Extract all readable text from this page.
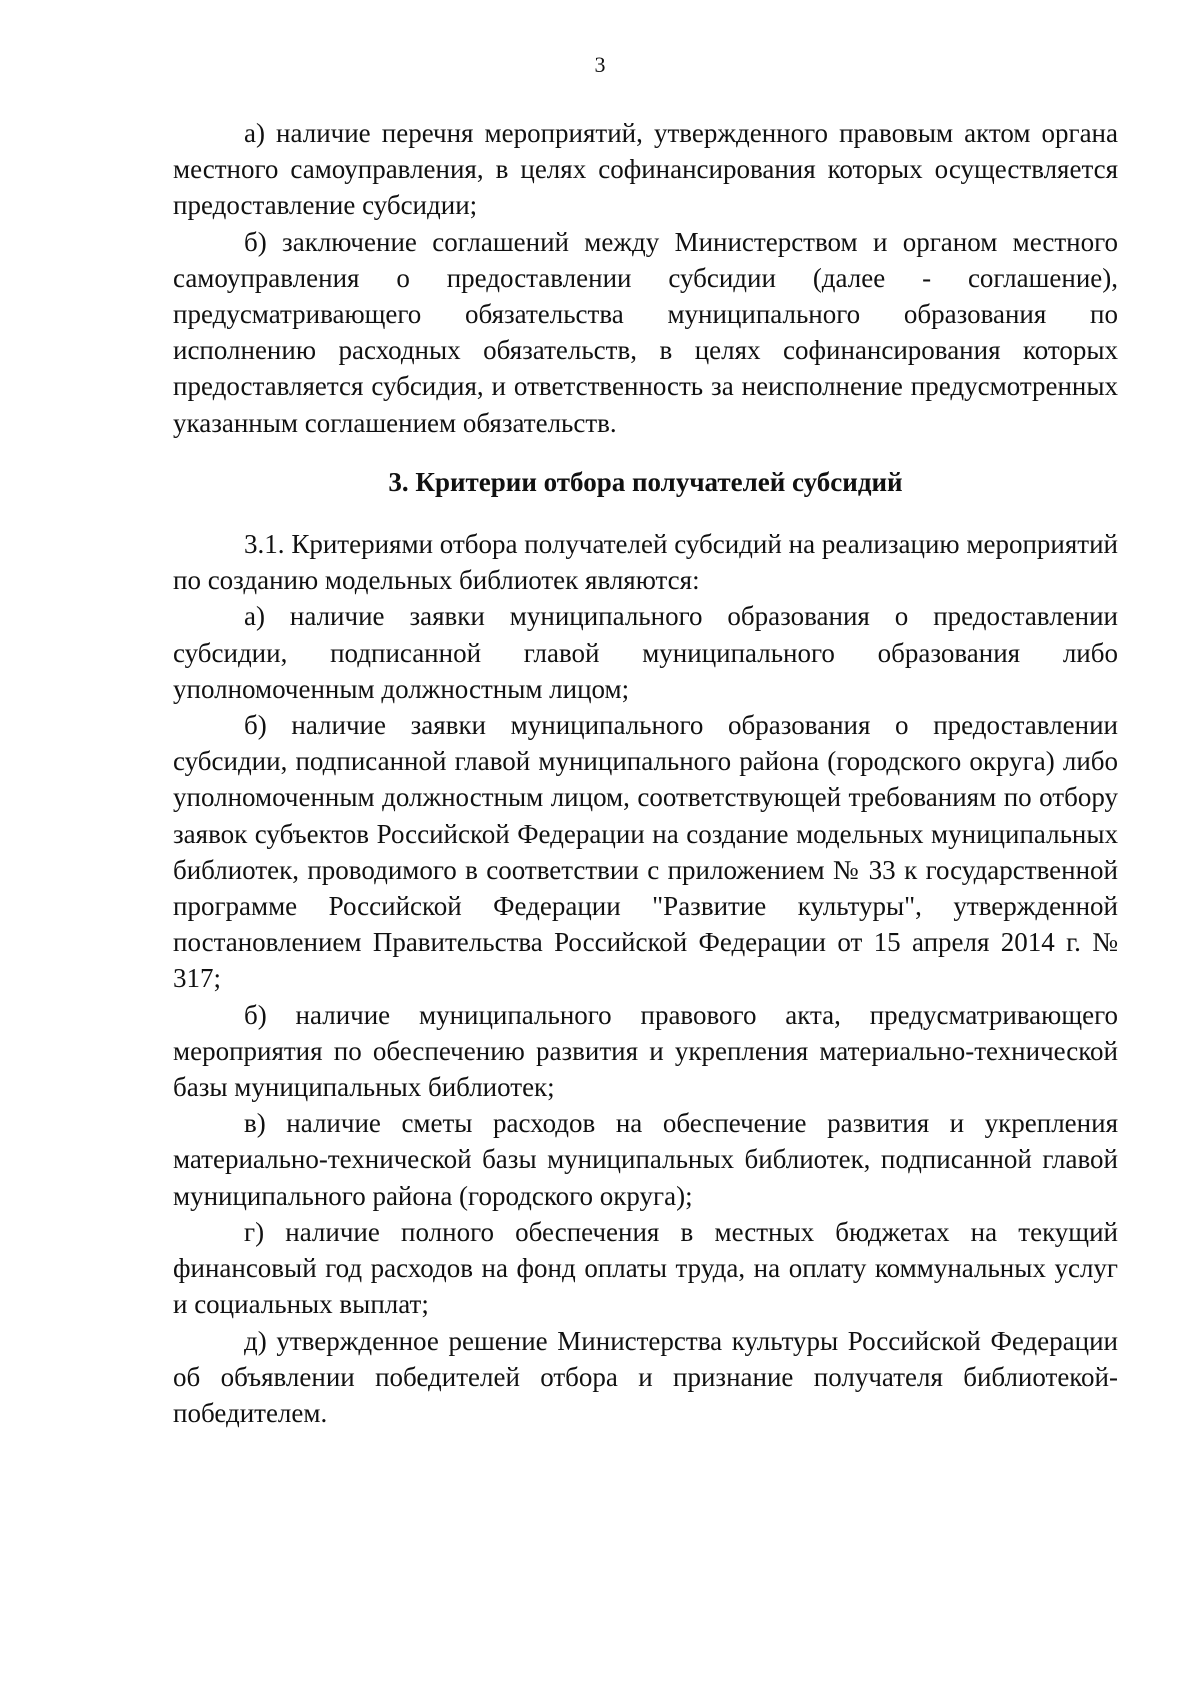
3

а) наличие перечня мероприятий, утвержденного правовым актом органа местного самоуправления, в целях софинансирования которых осуществляется предоставление субсидии;

б) заключение соглашений между Министерством и органом местного самоуправления о предоставлении субсидии (далее - соглашение), предусматривающего обязательства муниципального образования по исполнению расходных обязательств, в целях софинансирования которых предоставляется субсидия, и ответственность за неисполнение предусмотренных указанным соглашением обязательств.

3. Критерии отбора получателей субсидий

3.1. Критериями отбора получателей субсидий на реализацию мероприятий по созданию модельных библиотек являются:

а) наличие заявки муниципального образования о предоставлении субсидии, подписанной главой муниципального образования либо уполномоченным должностным лицом;

б) наличие заявки муниципального образования о предоставлении субсидии, подписанной главой муниципального района (городского округа) либо уполномоченным должностным лицом, соответствующей требованиям по отбору заявок субъектов Российской Федерации на создание модельных муниципальных библиотек, проводимого в соответствии с приложением № 33 к государственной программе Российской Федерации "Развитие культуры", утвержденной постановлением Правительства Российской Федерации от 15 апреля 2014 г. № 317;

б) наличие муниципального правового акта, предусматривающего мероприятия по обеспечению развития и укрепления материально-технической базы муниципальных библиотек;

в) наличие сметы расходов на обеспечение развития и укрепления материально-технической базы муниципальных библиотек, подписанной главой муниципального района (городского округа);

г) наличие полного обеспечения в местных бюджетах на текущий финансовый год расходов на фонд оплаты труда, на оплату коммунальных услуг и социальных выплат;

д) утвержденное решение Министерства культуры Российской Федерации об объявлении победителей отбора и признание получателя библиотекой-победителем.
